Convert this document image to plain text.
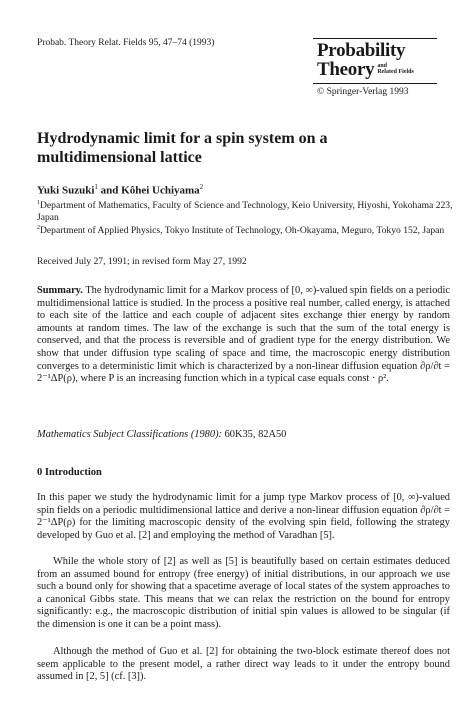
Probab. Theory Relat. Fields 95, 47–74 (1993)	Probability
Theory and
Related Fields
© Springer-Verlag 1993
Hydrodynamic limit for a spin system on a multidimensional lattice
Yuki Suzuki$^1$ and Kôhei Uchiyama$^2$
$^1$Department of Mathematics, Faculty of Science and Technology, Keio University, Hiyoshi, Yokohama 223, Japan
$^2$Department of Applied Physics, Tokyo Institute of Technology, Oh-Okayama, Meguro, Tokyo 152, Japan
Received July 27, 1991; in revised form May 27, 1992

Summary. The hydrodynamic limit for a Markov process of [0, ∞)-valued spin fields on a periodic multidimensional lattice is studied. In the process a positive real number, called energy, is attached to each site of the lattice and each couple of adjacent sites exchange thier energy by random amounts at random times. The law of the exchange is such that the sum of the total energy is conserved, and that the process is reversible and of gradient type for the energy distribution. We show that under diffusion type scaling of space and time, the macroscopic energy distribution converges to a deterministic limit which is characterized by a non-linear diffusion equation ∂ρ/∂t = 2⁻¹ΔP(ρ), where P is an increasing function which in a typical case equals const · ρ².

Mathematics Subject Classifications (1980): 60K35, 82A50
0 Introduction

In this paper we study the hydrodynamic limit for a jump type Markov process of [0, ∞)-valued spin fields on a periodic multidimensional lattice and derive a non-linear diffusion equation ∂ρ/∂t = 2⁻¹ΔP(ρ) for the limiting macroscopic density of the evolving spin field, following the strategy developed by Guo et al. [2] and employing the method of Varadhan [5].

While the whole story of [2] as well as [5] is beautifully based on certain estimates deduced from an assumed bound for entropy (free energy) of initial distributions, in our approach we use such a bound only for showing that a spacetime average of local states of the system approaches to a canonical Gibbs state. This means that we can relax the restriction on the bound for entropy significantly: e.g., the macroscopic distribution of initial spin values is allowed to be singular (if the dimension is one it can be a point mass).

Although the method of Guo et al. [2] for obtaining the two-block estimate thereof does not seem applicable to the present model, a rather direct way leads to it under the entropy bound assumed in [2, 5] (cf. [3]).
